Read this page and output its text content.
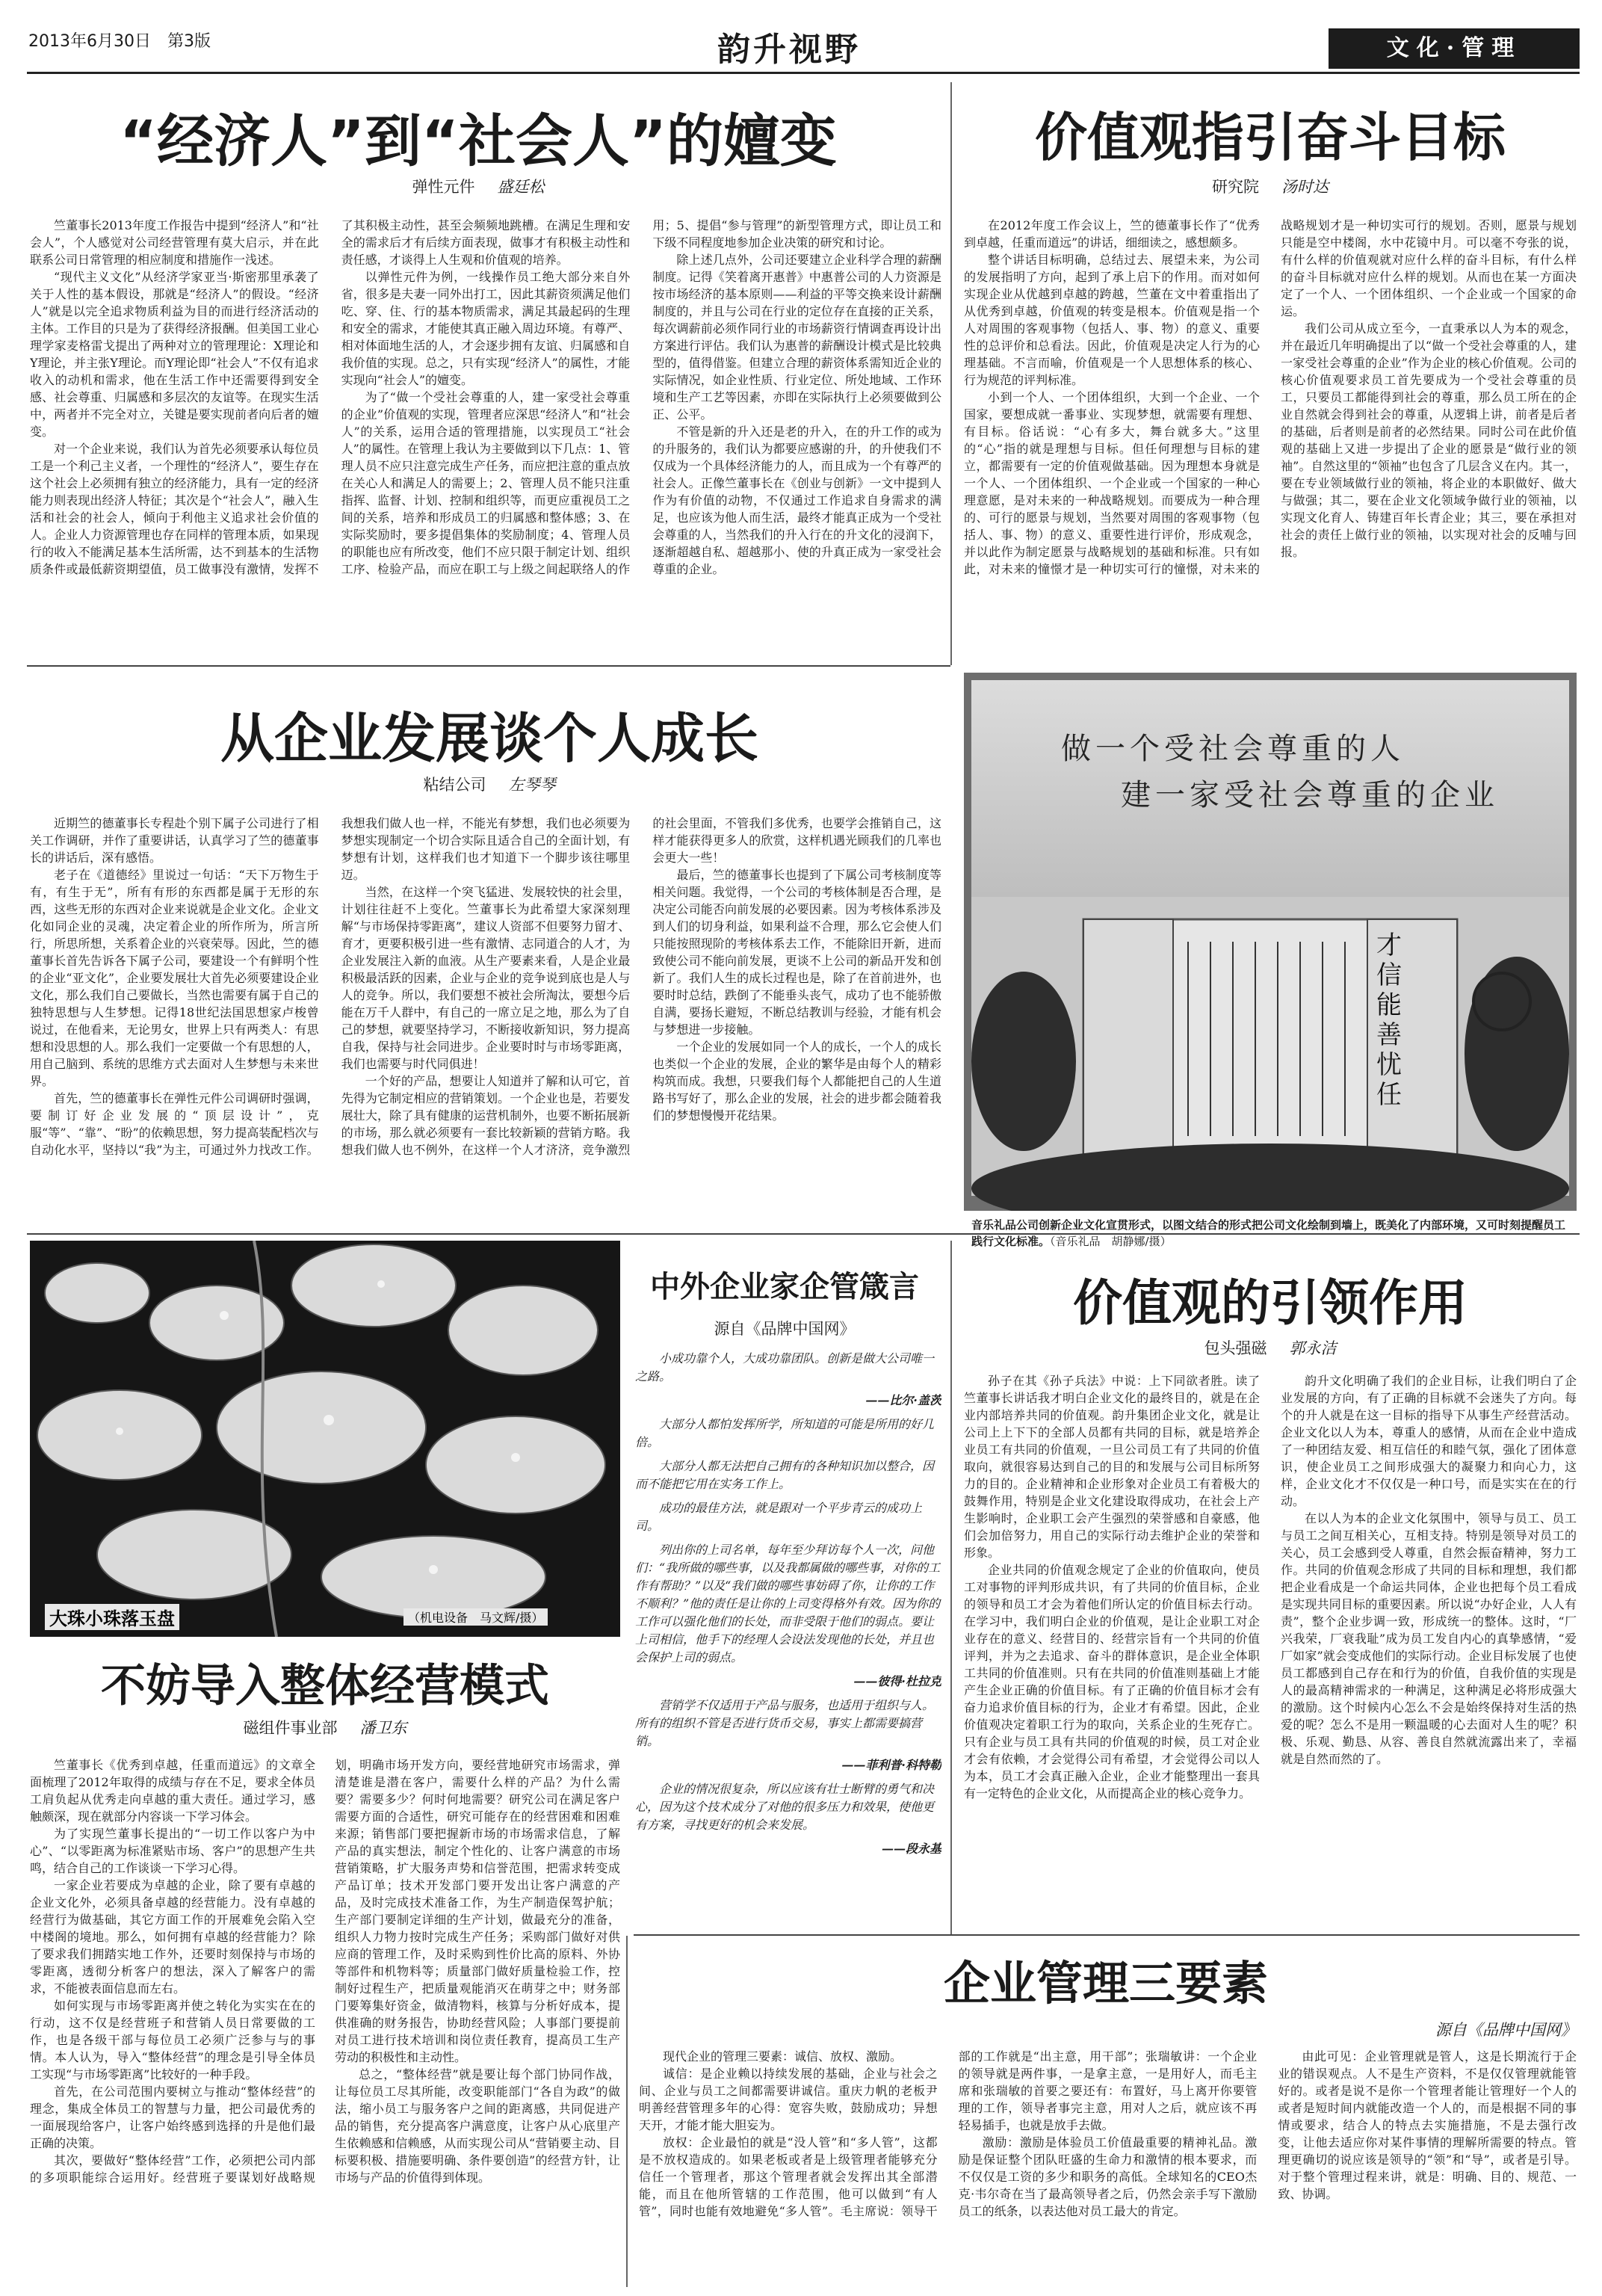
2013年6月30日　第3版	韵升视野	文化·管理
“经济人”到“社会人”的嬗变
弹性元件 盛廷松

竺董事长2013年度工作报告中提到“经济人”和“社会人”，个人感觉对公司经营管理有莫大启示，并在此联系公司日常管理的相应制度和措施作一浅述。

“现代主义文化”从经济学家亚当·斯密那里承袭了关于人性的基本假设，那就是“经济人”的假设。“经济人”就是以完全追求物质利益为目的而进行经济活动的主体。工作目的只是为了获得经济报酬。但美国工业心理学家麦格雷戈提出了两种对立的管理理论：X理论和Y理论，并主张Y理论。而Y理论即“社会人”不仅有追求收入的动机和需求，他在生活工作中还需要得到安全感、社会尊重、归属感和多层次的友谊等。在现实生活中，两者并不完全对立，关键是要实现前者向后者的嬗变。

对一个企业来说，我们认为首先必须要承认每位员工是一个利己主义者，一个理性的“经济人”，要生存在这个社会上必须拥有独立的经济能力，具有一定的经济能力则表现出经济人特征；其次是个“社会人”，融入生活和社会的社会人，倾向于利他主义追求社会价值的人。企业人力资源管理也存在同样的管理本质，如果现行的收入不能满足基本生活所需，达不到基本的生活物质条件或最低薪资期望值，员工做事没有激情，发挥不了其积极主动性，甚至会频频地跳槽。在满足生理和安全的需求后才有后续方面表现，做事才有积极主动性和责任感，才谈得上人生观和价值观的培养。

以弹性元件为例，一线操作员工绝大部分来自外省，很多是夫妻一同外出打工，因此其薪资须满足他们吃、穿、住、行的基本物质需求，满足其最起码的生理和安全的需求，才能使其真正融入周边环境。有尊严、相对体面地生活的人，才会逐步拥有友谊、归属感和自我价值的实现。总之，只有实现“经济人”的属性，才能实现向“社会人”的嬗变。

为了“做一个受社会尊重的人，建一家受社会尊重的企业”价值观的实现，管理者应深思“经济人”和“社会人”的关系，运用合适的管理措施，以实现员工“社会人”的属性。在管理上我认为主要做到以下几点：1、管理人员不应只注意完成生产任务，而应把注意的重点放在关心人和满足人的需要上；2、管理人员不能只注重指挥、监督、计划、控制和组织等，而更应重视员工之间的关系，培养和形成员工的归属感和整体感；3、在实际奖励时，要多提倡集体的奖励制度；4、管理人员的职能也应有所改变，他们不应只限于制定计划、组织工序、检验产品，而应在职工与上级之间起联络人的作用；5、提倡“参与管理”的新型管理方式，即让员工和下级不同程度地参加企业决策的研究和讨论。

除上述几点外，公司还要建立企业科学合理的薪酬制度。记得《笑着离开惠普》中惠普公司的人力资源是按市场经济的基本原则——利益的平等交换来设计薪酬制度的，并且与公司在行业的定位存在直接的正关系，每次调薪前必须作同行业的市场薪资行情调查再设计出方案进行评估。我们认为惠普的薪酬设计模式是比较典型的，值得借鉴。但建立合理的薪资体系需知近企业的实际情况，如企业性质、行业定位、所处地域、工作环境和生产工艺等因素，亦即在实际执行上必须要做到公正、公平。

不管是新的升入还是老的升入，在的升工作的或为的升服务的，我们认为都要应感谢的升，的升使我们不仅成为一个具体经济能力的人，而且成为一个有尊严的社会人。正像竺董事长在《创业与创新》一文中提到人作为有价值的动物，不仅通过工作追求自身需求的满足，也应该为他人而生活，最终才能真正成为一个受社会尊重的人，当然我们的升入行在的升文化的浸润下，逐渐超越自私、超越那小、使的升真正成为一家受社会尊重的企业。

价值观指引奋斗目标
研究院 汤时达

在2012年度工作会议上，竺的德董事长作了“优秀到卓越，任重而道远”的讲话，细细读之，感想颇多。

整个讲话目标明确，总结过去、展望未来，为公司的发展指明了方向，起到了承上启下的作用。而对如何实现企业从优越到卓越的跨越，竺董在文中着重指出了从优秀到卓越，价值观的转变是根本。价值观是指一个人对周围的客观事物（包括人、事、物）的意义、重要性的总评价和总看法。因此，价值观是决定人行为的心理基础。不言而喻，价值观是一个人思想体系的核心、行为规范的评判标准。

小到一个人、一个团体组织，大到一个企业、一个国家，要想成就一番事业、实现梦想，就需要有理想、有目标。俗话说：“心有多大，舞台就多大。”这里的“心”指的就是理想与目标。但任何理想与目标的建立，都需要有一定的价值观做基础。因为理想本身就是一个人、一个团体组织、一个企业或一个国家的一种心理意愿，是对未来的一种战略规划。而要成为一种合理的、可行的愿景与规划，当然要对周围的客观事物（包括人、事、物）的意义、重要性进行评价，形成观念，并以此作为制定愿景与战略规划的基础和标准。只有如此，对未来的憧憬才是一种切实可行的憧憬，对未来的战略规划才是一种切实可行的规划。否则，愿景与规划只能是空中楼阁，水中花镜中月。可以毫不夸张的说，有什么样的价值观就对应什么样的奋斗目标，有什么样的奋斗目标就对应什么样的规划。从而也在某一方面决定了一个人、一个团体组织、一个企业或一个国家的命运。

我们公司从成立至今，一直秉承以人为本的观念，并在最近几年明确提出了以“做一个受社会尊重的人，建一家受社会尊重的企业”作为企业的核心价值观。公司的核心价值观要求员工首先要成为一个受社会尊重的员工，只要员工都能得到社会的尊重，那么员工所在的企业自然就会得到社会的尊重，从逻辑上讲，前者是后者的基础，后者则是前者的必然结果。同时公司在此价值观的基础上又进一步提出了企业的愿景是“做行业的领袖”。自然这里的“领袖”也包含了几层含义在内。其一，要在专业领域做行业的领袖，将企业的本职做好、做大与做强；其二，要在企业文化领域争做行业的领袖，以实现文化育人、铸建百年长青企业；其三，要在承担对社会的责任上做行业的领袖，以实现对社会的反哺与回报。

做一个受社会尊重的人
建一家受社会尊重的企业
才信能善忧任
音乐礼品公司创新企业文化宣贯形式，以图文结合的形式把公司文化绘制到墙上，既美化了内部环境，又可时刻提醒员工践行文化标准。（音乐礼品　胡静娜/摄）
从企业发展谈个人成长
粘结公司 左琴琴

近期竺的德董事长专程赴个别下属子公司进行了相关工作调研，并作了重要讲话，认真学习了竺的德董事长的讲话后，深有感悟。

老子在《道德经》里说过一句话：“天下万物生于有，有生于无”，所有有形的东西都是属于无形的东西，这些无形的东西对企业来说就是企业文化。企业文化如同企业的灵魂，决定着企业的所作所为，所言所行，所思所想，关系着企业的兴衰荣辱。因此，竺的德董事长首先告诉各下属子公司，要建设一个有鲜明个性的企业“亚文化”，企业要发展壮大首先必须要建设企业文化，那么我们自己要做长，当然也需要有属于自己的独特思想与人生梦想。记得18世纪法国思想家卢梭曾说过，在他看来，无论男女，世界上只有两类人：有思想和没思想的人。那么我们一定要做一个有思想的人，用自己脑到、系统的思维方式去面对人生梦想与未来世界。

首先，竺的德董事长在弹性元件公司调研时强调，要制订好企业发展的“顶层设计”，克服“等”、“靠”、“盼”的依赖思想，努力提高装配档次与自动化水平，坚持以“我”为主，可通过外力找改工作。我想我们做人也一样，不能光有梦想，我们也必须要为梦想实现制定一个切合实际且适合自己的全面计划，有梦想有计划，这样我们也才知道下一个脚步该往哪里迈。

当然，在这样一个突飞猛进、发展较快的社会里，计划往往赶不上变化。竺董事长为此希望大家深刻理解“与市场保持零距离”，建议人资部不但要努力留才、育才，更要积极引进一些有激情、志同道合的人才，为企业发展注入新的血液。从生产要素来看，人是企业最积极最活跃的因素，企业与企业的竞争说到底也是人与人的竞争。所以，我们要想不被社会所淘汰，要想今后能在万千人群中，有自己的一席立足之地，那么为了自己的梦想，就要坚持学习，不断接收新知识，努力提高自我，保持与社会同进步。企业要时时与市场零距离，我们也需要与时代同俱进！

一个好的产品，想要让人知道并了解和认可它，首先得为它制定相应的营销策划。一个企业也是，若要发展壮大，除了具有健康的运营机制外，也要不断拓展新的市场，那么就必须要有一套比较新颖的营销方略。我想我们做人也不例外，在这样一个人才济济，竞争激烈的社会里面，不管我们多优秀，也要学会推销自己，这样才能获得更多人的欣赏，这样机遇光顾我们的几率也会更大一些！

最后，竺的德董事长也提到了下属公司考核制度等相关问题。我觉得，一个公司的考核体制是否合理，是决定公司能否向前发展的必要因素。因为考核体系涉及到人们的切身利益，如果利益不合理，那么它会使人们只能按照现阶的考核体系去工作，不能除旧开新，进而致使公司不能向前发展，更谈不上公司的新品开发和创新了。我们人生的成长过程也是，除了在首前进外，也要时时总结，跌倒了不能垂头丧气，成功了也不能骄傲自满，要扬长避短，不断总结教训与经验，才能有机会与梦想进一步接触。

一个企业的发展如同一个人的成长，一个人的成长也类似一个企业的发展，企业的繁华是由每个人的精彩构筑而成。我想，只要我们每个人都能把自己的人生道路书写好了，那么企业的发展，社会的进步都会随着我们的梦想慢慢开花结果。

大珠小珠落玉盘	（机电设备　马文辉/摄）
中外企业家企管箴言
源自《品牌中国网》

小成功靠个人，大成功靠团队。创新是做大公司唯一之路。

——比尔·盖茨

大部分人都怕发挥所学，所知道的可能是所用的好几倍。

大部分人都无法把自己拥有的各种知识加以整合，因而不能把它用在实务工作上。

成功的最佳方法，就是跟对一个平步青云的成功上司。

列出你的上司名单，每年至少拜访每个人一次，问他们：“我所做的哪些事，以及我都属做的哪些事，对你的工作有帮助？”以及“我们做的哪些事妨碍了你，让你的工作不顺利？”他的责任是让你的上司变得格外有效。因为你的工作可以强化他们的长处，而非受限于他们的弱点。要让上司相信，他手下的经理人会设法发现他的长处，并且也会保护上司的弱点。

——彼得·杜拉克

营销学不仅适用于产品与服务，也适用于组织与人。所有的组织不管是否进行货币交易，事实上都需要搞营销。

——菲利普·科特勒

企业的情况很复杂，所以应该有壮士断臂的勇气和决心，因为这个技术成分了对他的很多压力和效果，使他更有方案，寻找更好的机会来发展。

——段永基

价值观的引领作用
包头强磁 郭永洁

孙子在其《孙子兵法》中说：上下同欲者胜。读了竺董事长讲话我才明白企业文化的最终目的，就是在企业内部培养共同的价值观。韵升集团企业文化，就是让公司上上下下的全部人员都有共同的目标，就是培养企业员工有共同的价值观，一旦公司员工有了共同的价值取向，就很容易达到自己的目的和发展与公司目标所努力的目的。企业精神和企业形象对企业员工有着极大的鼓舞作用，特别是企业文化建设取得成功，在社会上产生影响时，企业职工会产生强烈的荣誉感和自豪感，他们会加倍努力，用自己的实际行动去维护企业的荣誉和形象。

企业共同的价值观念规定了企业的价值取向，使员工对事物的评判形成共识，有了共同的价值目标，企业的领导和员工才会为着他们所认定的价值目标去行动。在学习中，我们明白企业的价值观，是让企业职工对企业存在的意义、经营目的、经营宗旨有一个共同的价值评判，并为之去追求、奋斗的群体意识，是企业全体职工共同的价值准则。只有在共同的价值准则基础上才能产生企业正确的价值目标。有了正确的价值目标才会有奋力追求价值目标的行为，企业才有希望。因此，企业价值观决定着职工行为的取向，关系企业的生死存亡。只有企业与员工具有共同的价值观的时候，员工对企业才会有依赖，才会觉得公司有希望，才会觉得公司以人为本，员工才会真正融入企业，企业才能整理出一套具有一定特色的企业文化，从而提高企业的核心竞争力。

韵升文化明确了我们的企业目标，让我们明白了企业发展的方向，有了正确的目标就不会迷失了方向。每个的升人就是在这一目标的指导下从事生产经营活动。企业文化以人为本，尊重人的感情，从而在企业中造成了一种团结友爱、相互信任的和睦气氛，强化了团体意识，使企业员工之间形成强大的凝聚力和向心力，这样，企业文化才不仅仅是一种口号，而是实实在在的行动。

在以人为本的企业文化氛围中，领导与员工、员工与员工之间互相关心，互相支持。特别是领导对员工的关心，员工会感到受人尊重，自然会振奋精神，努力工作。共同的价值观念形成了共同的目标和理想，我们都把企业看成是一个命运共同体，企业也把每个员工看成是实现共同目标的重要因素。所以说“办好企业，人人有责”，整个企业步调一致，形成统一的整体。这时，“厂兴我荣，厂衰我耻”成为员工发自内心的真挚感情，“爱厂如家”就会变成他们的实际行动。企业目标发展了也使员工都感到自己存在和行为的价值，自我价值的实现是人的最高精神需求的一种满足，这种满足必将形成强大的激励。这个时候内心怎么不会是始终保持对生活的热爱的呢？怎么不是用一颗温暖的心去面对人生的呢？积极、乐观、勤恳、从容、善良自然就流露出来了，幸福就是自然而然的了。

不妨导入整体经营模式
磁组件事业部 潘卫东

竺董事长《优秀到卓越，任重而道远》的文章全面梳理了2012年取得的成绩与存在不足，要求全体员工肩负起从优秀走向卓越的重大责任。通过学习，感触颇深，现在就部分内容谈一下学习体会。

为了实现竺董事长提出的“一切工作以客户为中心”、“以零距离为标准紧贴市场、客户”的思想产生共鸣，结合自己的工作谈谈一下学习心得。

一家企业若要成为卓越的企业，除了要有卓越的企业文化外，必须具备卓越的经营能力。没有卓越的经营行为做基础，其它方面工作的开展难免会陷入空中楼阁的境地。那么，如何拥有卓越的经营能力？除了要求我们拥踏实地工作外，还要时刻保持与市场的零距离，透彻分析客户的想法，深入了解客户的需求，不能被表面信息而左右。

如何实现与市场零距离并使之转化为实实在在的行动，这不仅是经营班子和营销人员日常要做的工作，也是各级干部与每位员工必须广泛参与与的事情。本人认为，导入“整体经营”的理念是引导全体员工实现“与市场零距离”比较好的一种手段。

首先，在公司范围内要树立与推动“整体经营”的理念，集成全体员工的智慧与力量，把公司最优秀的一面展现给客户，让客户始终感到选择的升是他们最正确的决策。

其次，要做好“整体经营”工作，必须把公司内部的多项职能综合运用好。经营班子要谋划好战略规划，明确市场开发方向，要经营地研究市场需求，弹清楚谁是潜在客户，需要什么样的产品？为什么需要？需要多少？何时何地需要？研究公司在满足客户需要方面的合适性，研究可能存在的经营困难和困难来源；销售部门要把握新市场的市场需求信息，了解产品的真实想法，制定个性化的、让客户满意的市场营销策略，扩大服务声势和信誉范围，把需求转变成产品订单；技术开发部门要开发出让客户满意的产品，及时完成技术准备工作，为生产制造保驾护航；生产部门要制定详细的生产计划，做最充分的准备，组织人力物力按时完成生产任务；采购部门做好对供应商的管理工作，及时采购到性价比高的原料、外协等部件和机物料等；质量部门做好质量检验工作，控制好过程生产，把质量观能消灭在萌芽之中；财务部门要筹集好资金，做清物料，核算与分析好成本，提供准确的财务报告，协助经营风险；人事部门要提前对员工进行技术培训和岗位责任教育，提高员工生产劳动的积极性和主动性。

总之，“整体经营”就是要让每个部门协同作战，让每位员工尽其所能，改变职能部门“各自为政”的做法，缩小员工与服务客户之间的距离感，共同促进产品的销售，充分提高客户满意度，让客户从心底里产生依赖感和信赖感，从而实现公司从“营销要主动、目标要积极、措施要明确、条件要创造”的经营方针，让市场与产品的价值得到体现。

企业管理三要素
源自《品牌中国网》

现代企业的管理三要素：诚信、放权、激励。

诚信：是企业赖以持续发展的基础，企业与社会之间、企业与员工之间都需要讲诚信。重庆力帆的老板尹明善经营管理多年的心得：宽容失败，鼓励成功；异想天开，才能才能大胆妄为。

放权：企业最怕的就是“没人管”和“多人管”，这都是不放权造成的。如果老板或者是上级管理者能够充分信任一个管理者，那这个管理者就会发挥出其全部潜能，而且在他所管辖的工作范围，他可以做到“有人管”，同时也能有效地避免“多人管”。毛主席说：领导干部的工作就是“出主意，用干部”；张瑞敏讲：一个企业的领导就是两件事，一是拿主意，一是用好人，而毛主席和张瑞敏的首要之要还有：布置好，马上离开你要管理的工作，领导者事完主意，用对人之后，就应该不再轻易插手，也就是放手去做。

激励：激励是体验员工价值最重要的精神礼品。激励是保证整个团队旺盛的生命力和激情的根本要求，而不仅仅是工资的多少和职务的高低。全球知名的CEO杰克·韦尔奇在当了最高领导者之后，仍然会亲手写下激励员工的纸条，以表达他对员工最大的肯定。

由此可见：企业管理就是管人，这是长期流行于企业的错误观点。人不是生产资料，不是仅仅管理就能管好的。或者是说不是你一个管理者能让管理好一个人的或者是短时间内就能改造一个人的，而是根据不同的事情或要求，结合人的特点去实施措施，不是去强行改变，让他去适应你对某件事情的理解所需要的特点。管理更确切的说应该是领导的“领”和“导”，或者是引导。对于整个管理过程来讲，就是：明确、目的、规范、一致、协调。
